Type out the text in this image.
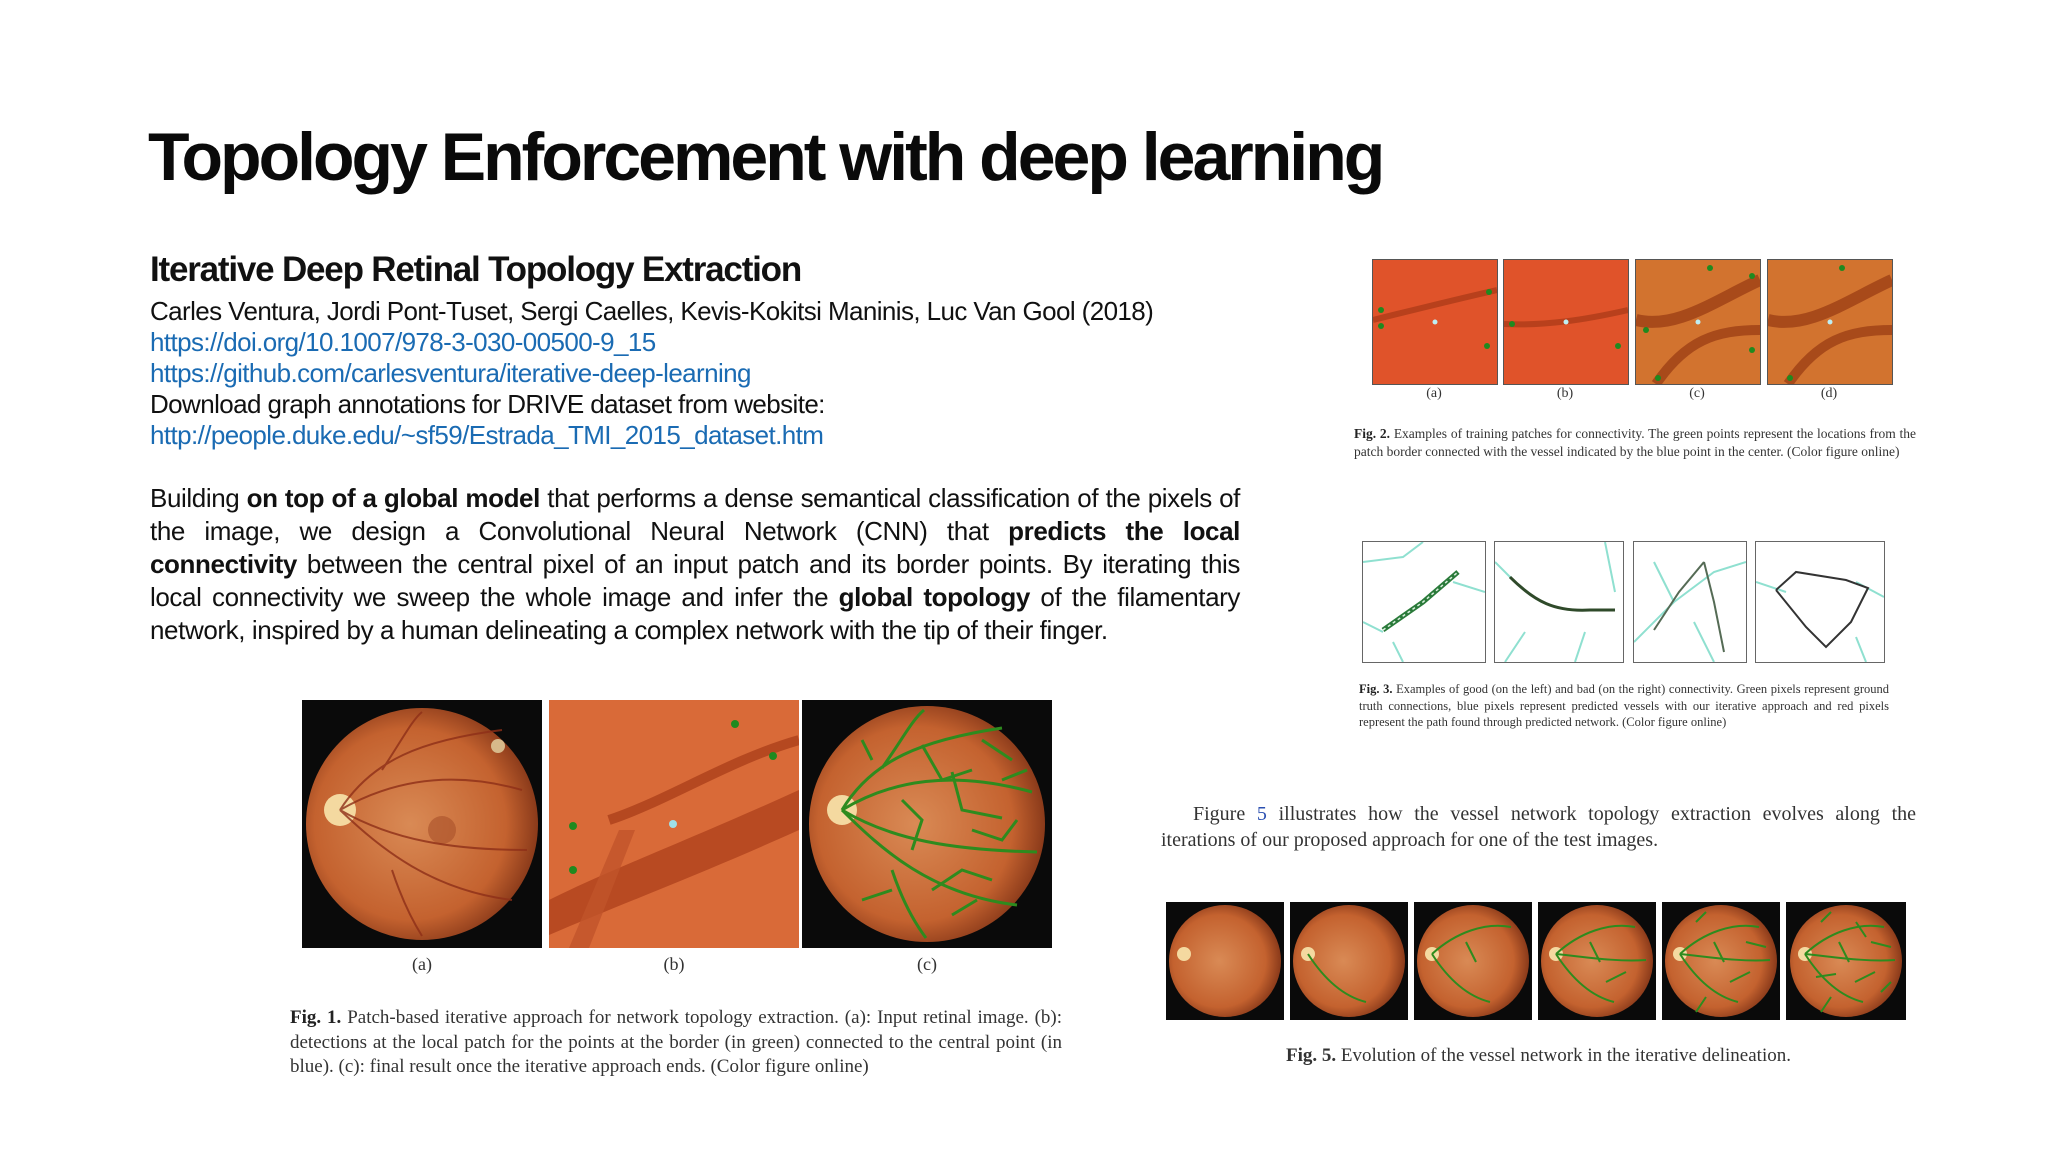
Topology Enforcement with deep learning
Iterative Deep Retinal Topology Extraction
Carles Ventura, Jordi Pont-Tuset, Sergi Caelles, Kevis-Kokitsi Maninis, Luc Van Gool (2018)
https://doi.org/10.1007/978-3-030-00500-9_15
https://github.com/carlesventura/iterative-deep-learning
Download graph annotations for DRIVE dataset from website:
http://people.duke.edu/~sf59/Estrada_TMI_2015_dataset.htm
Building on top of a global model that performs a dense semantical classification of the pixels of the image, we design a Convolutional Neural Network (CNN) that predicts the local connectivity between the central pixel of an input patch and its border points. By iterating this local connectivity we sweep the whole image and infer the global topology of the filamentary network, inspired by a human delineating a complex network with the tip of their finger.
(a)	(b)	(c)
Fig. 1. Patch-based iterative approach for network topology extraction. (a): Input retinal image. (b): detections at the local patch for the points at the border (in green) connected to the central point (in blue). (c): final result once the iterative approach ends. (Color figure online)
(a)	(b)	(c)	(d)
Fig. 2. Examples of training patches for connectivity. The green points represent the locations from the patch border connected with the vessel indicated by the blue point in the center. (Color figure online)
Fig. 3. Examples of good (on the left) and bad (on the right) connectivity. Green pixels represent ground truth connections, blue pixels represent predicted vessels with our iterative approach and red pixels represent the path found through predicted network. (Color figure online)
Figure 5 illustrates how the vessel network topology extraction evolves along the iterations of our proposed approach for one of the test images.
Fig. 5. Evolution of the vessel network in the iterative delineation.
